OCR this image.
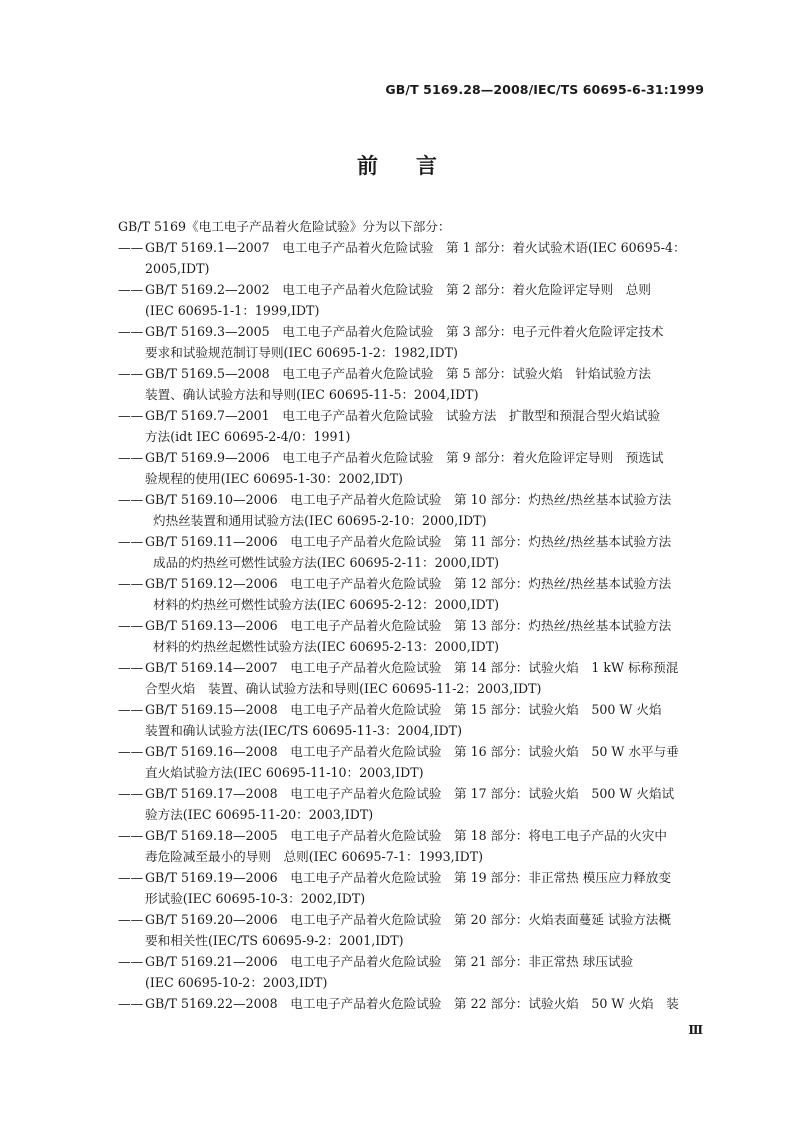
GB/T 5169.28—2008/IEC/TS 60695-6-31:1999
前言

GB/T 5169《电工电子产品着火危险试验》分为以下部分：

—— GB/T 5169.1—2007　电工电子产品着火危险试验　第 1 部分：着火试验术语(IEC 60695-4：
2005,IDT)
—— GB/T 5169.2—2002　电工电子产品着火危险试验　第 2 部分：着火危险评定导则　总则
(IEC 60695-1-1：1999,IDT)
—— GB/T 5169.3—2005　电工电子产品着火危险试验　第 3 部分：电子元件着火危险评定技术
要求和试验规范制订导则(IEC 60695-1-2：1982,IDT)
—— GB/T 5169.5—2008　电工电子产品着火危险试验　第 5 部分：试验火焰　针焰试验方法
装置、确认试验方法和导则(IEC 60695-11-5：2004,IDT)
—— GB/T 5169.7—2001　电工电子产品着火危险试验　试验方法　扩散型和预混合型火焰试验
方法(idt IEC 60695-2-4/0：1991)
—— GB/T 5169.9—2006　电工电子产品着火危险试验　第 9 部分：着火危险评定导则　预选试
验规程的使用(IEC 60695-1-30：2002,IDT)
—— GB/T 5169.10—2006　电工电子产品着火危险试验　第 10 部分：灼热丝/热丝基本试验方法
灼热丝装置和通用试验方法(IEC 60695-2-10：2000,IDT)
—— GB/T 5169.11—2006　电工电子产品着火危险试验　第 11 部分：灼热丝/热丝基本试验方法
成品的灼热丝可燃性试验方法(IEC 60695-2-11：2000,IDT)
—— GB/T 5169.12—2006　电工电子产品着火危险试验　第 12 部分：灼热丝/热丝基本试验方法
材料的灼热丝可燃性试验方法(IEC 60695-2-12：2000,IDT)
—— GB/T 5169.13—2006　电工电子产品着火危险试验　第 13 部分：灼热丝/热丝基本试验方法
材料的灼热丝起燃性试验方法(IEC 60695-2-13：2000,IDT)
—— GB/T 5169.14—2007　电工电子产品着火危险试验　第 14 部分：试验火焰　1 kW 标称预混
合型火焰　装置、确认试验方法和导则(IEC 60695-11-2：2003,IDT)
—— GB/T 5169.15—2008　电工电子产品着火危险试验　第 15 部分：试验火焰　500 W 火焰
装置和确认试验方法(IEC/TS 60695-11-3：2004,IDT)
—— GB/T 5169.16—2008　电工电子产品着火危险试验　第 16 部分：试验火焰　50 W 水平与垂
直火焰试验方法(IEC 60695-11-10：2003,IDT)
—— GB/T 5169.17—2008　电工电子产品着火危险试验　第 17 部分：试验火焰　500 W 火焰试
验方法(IEC 60695-11-20：2003,IDT)
—— GB/T 5169.18—2005　电工电子产品着火危险试验　第 18 部分：将电工电子产品的火灾中
毒危险减至最小的导则　总则(IEC 60695-7-1：1993,IDT)
—— GB/T 5169.19—2006　电工电子产品着火危险试验　第 19 部分：非正常热 模压应力释放变
形试验(IEC 60695-10-3：2002,IDT)
—— GB/T 5169.20—2006　电工电子产品着火危险试验　第 20 部分：火焰表面蔓延 试验方法概
要和相关性(IEC/TS 60695-9-2：2001,IDT)
—— GB/T 5169.21—2006　电工电子产品着火危险试验　第 21 部分：非正常热 球压试验
(IEC 60695-10-2：2003,IDT)
—— GB/T 5169.22—2008　电工电子产品着火危险试验　第 22 部分：试验火焰　50 W 火焰　装
Ⅲ
